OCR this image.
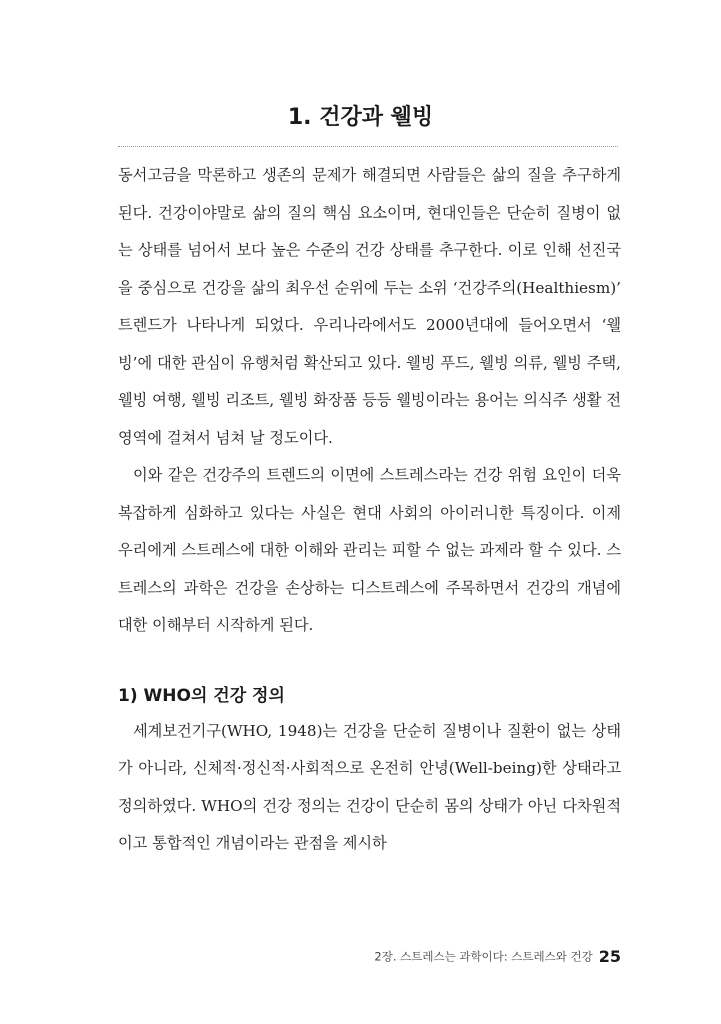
1. 건강과 웰빙

동서고금을 막론하고 생존의 문제가 해결되면 사람들은 삶의 질을 추구하게 된다. 건강이야말로 삶의 질의 핵심 요소이며, 현대인들은 단순히 질병이 없는 상태를 넘어서 보다 높은 수준의 건강 상태를 추구한다. 이로 인해 선진국을 중심으로 건강을 삶의 최우선 순위에 두는 소위 ‘건강주의(Healthiesm)’ 트렌드가 나타나게 되었다. 우리나라에서도 2000년대에 들어오면서 ‘웰빙’에 대한 관심이 유행처럼 확산되고 있다. 웰빙 푸드, 웰빙 의류, 웰빙 주택, 웰빙 여행, 웰빙 리조트, 웰빙 화장품 등등 웰빙이라는 용어는 의식주 생활 전 영역에 걸쳐서 넘쳐 날 정도이다.

이와 같은 건강주의 트렌드의 이면에 스트레스라는 건강 위험 요인이 더욱 복잡하게 심화하고 있다는 사실은 현대 사회의 아이러니한 특징이다. 이제 우리에게 스트레스에 대한 이해와 관리는 피할 수 없는 과제라 할 수 있다. 스트레스의 과학은 건강을 손상하는 디스트레스에 주목하면서 건강의 개념에 대한 이해부터 시작하게 된다.

1) WHO의 건강 정의

세계보건기구(WHO, 1948)는 건강을 단순히 질병이나 질환이 없는 상태가 아니라, 신체적·정신적·사회적으로 온전히 안녕(Well-being)한 상태라고 정의하였다. WHO의 건강 정의는 건강이 단순히 몸의 상태가 아닌 다차원적이고 통합적인 개념이라는 관점을 제시하

2장. 스트레스는 과학이다: 스트레스와 건강 25
